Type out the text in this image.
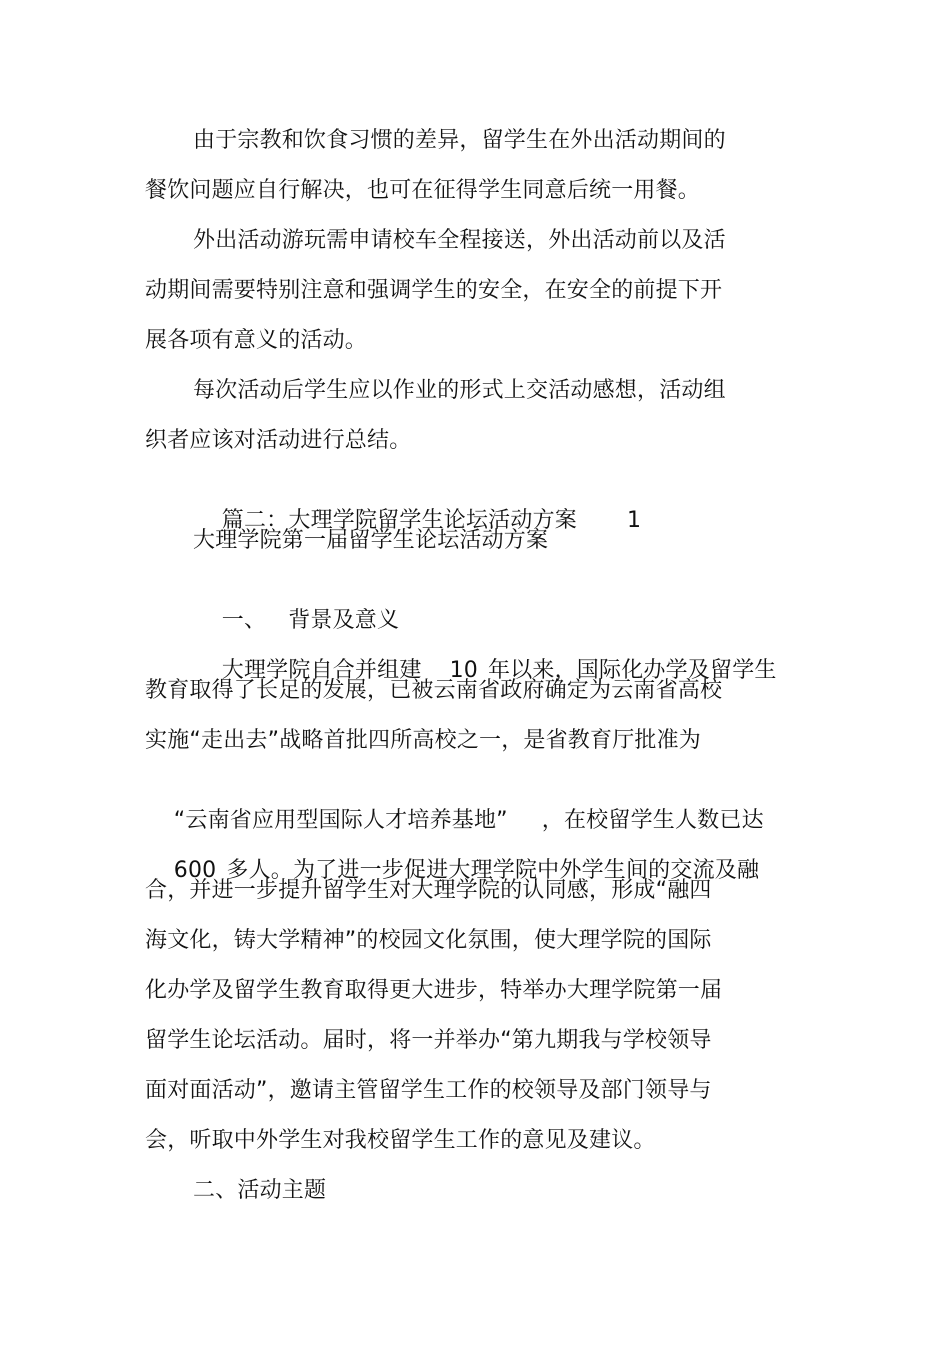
由于宗教和饮食习惯的差异，留学生在外出活动期间的
餐饮问题应自行解决，也可在征得学生同意后统一用餐。
外出活动游玩需申请校车全程接送，外出活动前以及活
动期间需要特别注意和强调学生的安全，在安全的前提下开
展各项有意义的活动。
每次活动后学生应以作业的形式上交活动感想，活动组
织者应该对活动进行总结。

篇二：大理学院留学生论坛活动方案 1

大理学院第一届留学生论坛活动方案

一、 背景及意义

大理学院自合并组建 10 年以来，国际化办学及留学生

教育取得了长足的发展，已被云南省政府确定为云南省高校
实施“走出去”战略首批四所高校之一，是省教育厅批准为

“云南省应用型国际人才培养基地” ，在校留学生人数已达

600 多人。为了进一步促进大理学院中外学生间的交流及融

合，并进一步提升留学生对大理学院的认同感，形成“融四
海文化，铸大学精神”的校园文化氛围，使大理学院的国际
化办学及留学生教育取得更大进步，特举办大理学院第一届
留学生论坛活动。届时，将一并举办“第九期我与学校领导
面对面活动”，邀请主管留学生工作的校领导及部门领导与
会，听取中外学生对我校留学生工作的意见及建议。
二、活动主题
